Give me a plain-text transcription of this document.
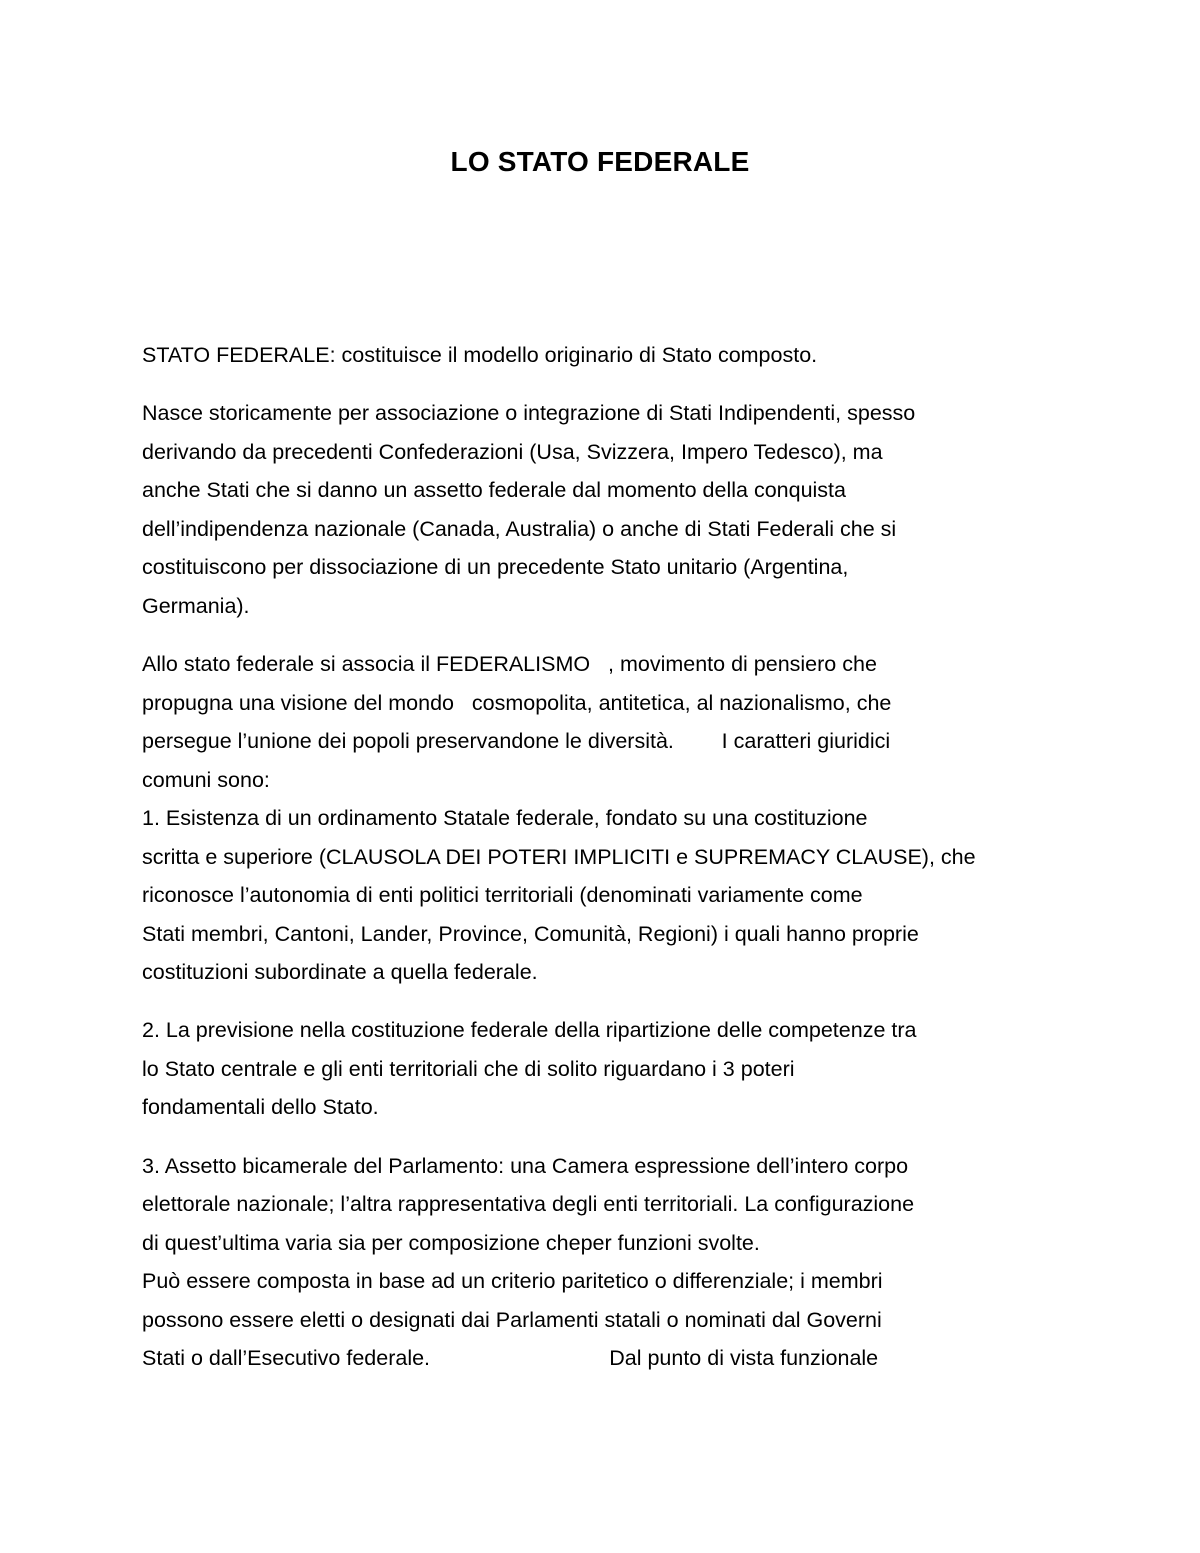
LO STATO FEDERALE
STATO FEDERALE: costituisce il modello originario di Stato composto.
Nasce storicamente per associazione o integrazione di Stati Indipendenti, spesso
derivando da precedenti Confederazioni (Usa, Svizzera, Impero Tedesco), ma
anche Stati che si danno un assetto federale dal momento della conquista
dell’indipendenza nazionale (Canada, Australia) o anche di Stati Federali che si
costituiscono per dissociazione di un precedente Stato unitario (Argentina,
Germania).
Allo stato federale si associa il FEDERALISMO   , movimento di pensiero che
propugna una visione del mondo   cosmopolita, antitetica, al nazionalismo, che
persegue l’unione dei popoli preservandone le diversità.        I caratteri giuridici
comuni sono:
1. Esistenza di un ordinamento Statale federale, fondato su una costituzione
scritta e superiore (CLAUSOLA DEI POTERI IMPLICITI e SUPREMACY CLAUSE), che
riconosce l’autonomia di enti politici territoriali (denominati variamente come
Stati membri, Cantoni, Lander, Province, Comunità, Regioni) i quali hanno proprie
costituzioni subordinate a quella federale.
2. La previsione nella costituzione federale della ripartizione delle competenze tra
lo Stato centrale e gli enti territoriali che di solito riguardano i 3 poteri
fondamentali dello Stato.
3. Assetto bicamerale del Parlamento: una Camera espressione dell’intero corpo
elettorale nazionale; l’altra rappresentativa degli enti territoriali. La configurazione
di quest’ultima varia sia per composizione cheper funzioni svolte.
Può essere composta in base ad un criterio paritetico o differenziale; i membri
possono essere eletti o designati dai Parlamenti statali o nominati dal Governi
Stati o dall’Esecutivo federale.                              Dal punto di vista funzionale
